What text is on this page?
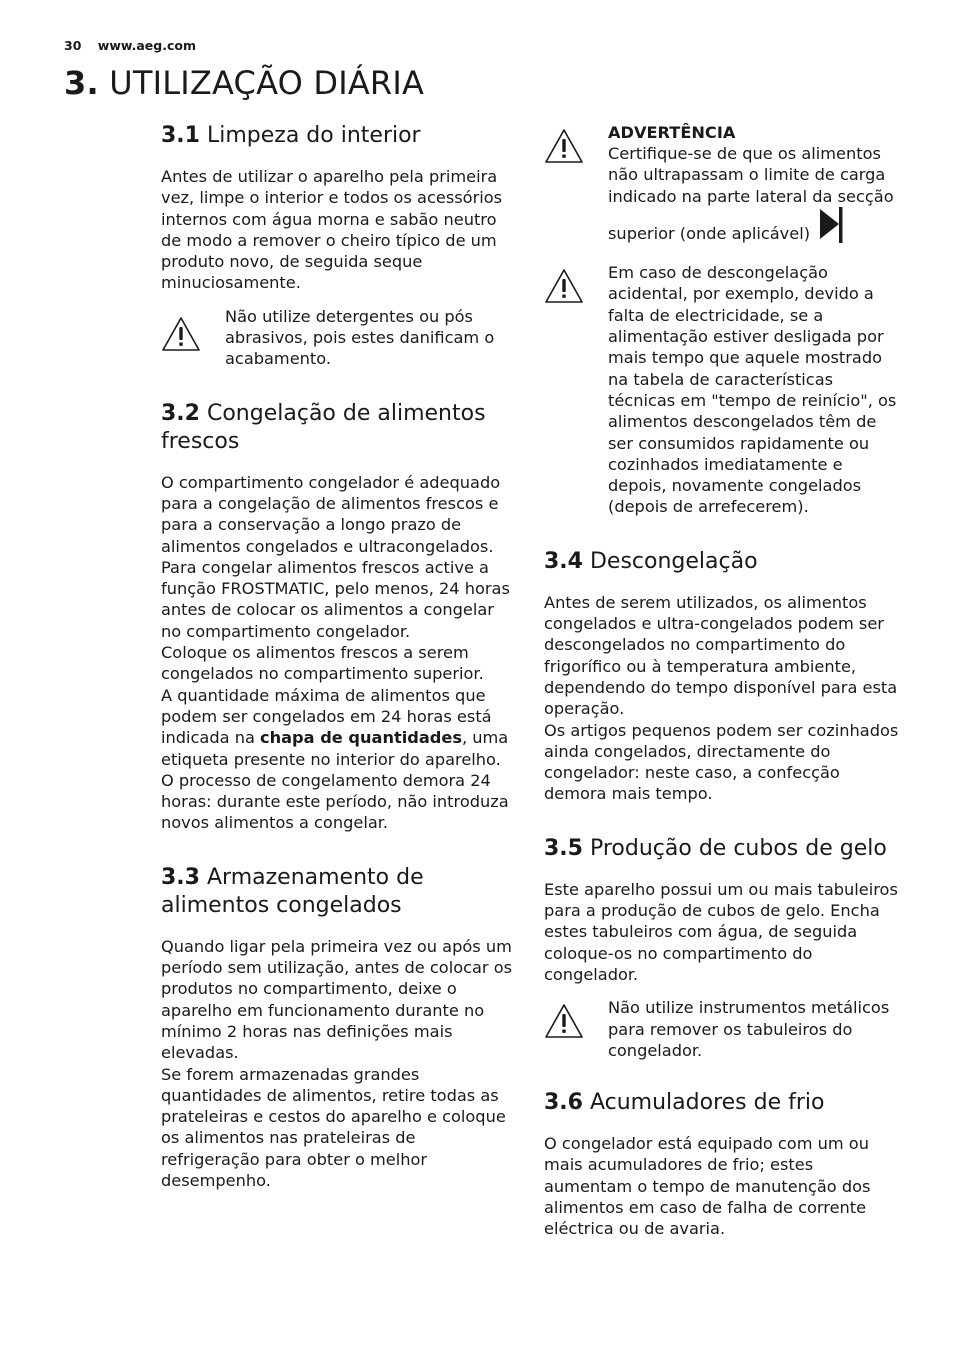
30 www.aeg.com
3. UTILIZAÇÃO DIÁRIA
3.1 Limpeza do interior

Antes de utilizar o aparelho pela primeira vez, limpe o interior e todos os acessórios internos com água morna e sabão neutro de modo a remover o cheiro típico de um produto novo, de seguida seque minuciosamente.

Não utilize detergentes ou pós abrasivos, pois estes danificam o acabamento.
3.2 Congelação de alimentos frescos
O compartimento congelador é adequado para a congelação de alimentos frescos e para a conservação a longo prazo de alimentos congelados e ultracongelados.
Para congelar alimentos frescos active a função FROSTMATIC, pelo menos, 24 horas antes de colocar os alimentos a congelar no compartimento congelador.
Coloque os alimentos frescos a serem congelados no compartimento superior.
A quantidade máxima de alimentos que podem ser congelados em 24 horas está indicada na chapa de quantidades, uma etiqueta presente no interior do aparelho.
O processo de congelamento demora 24 horas: durante este período, não introduza novos alimentos a congelar.
3.3 Armazenamento de alimentos congelados
Quando ligar pela primeira vez ou após um período sem utilização, antes de colocar os produtos no compartimento, deixe o aparelho em funcionamento durante no mínimo 2 horas nas definições mais elevadas.
Se forem armazenadas grandes quantidades de alimentos, retire todas as prateleiras e cestos do aparelho e coloque os alimentos nas prateleiras de refrigeração para obter o melhor desempenho.
ADVERTÊNCIA
Certifique-se de que os alimentos não ultrapassam o limite de carga indicado na parte lateral da secção superior (onde aplicável)
Em caso de descongelação acidental, por exemplo, devido a falta de electricidade, se a alimentação estiver desligada por mais tempo que aquele mostrado na tabela de características técnicas em "tempo de reinício", os alimentos descongelados têm de ser consumidos rapidamente ou cozinhados imediatamente e depois, novamente congelados (depois de arrefecerem).
3.4 Descongelação
Antes de serem utilizados, os alimentos congelados e ultra-congelados podem ser descongelados no compartimento do frigorífico ou à temperatura ambiente, dependendo do tempo disponível para esta operação.
Os artigos pequenos podem ser cozinhados ainda congelados, directamente do congelador: neste caso, a confecção demora mais tempo.
3.5 Produção de cubos de gelo

Este aparelho possui um ou mais tabuleiros para a produção de cubos de gelo. Encha estes tabuleiros com água, de seguida coloque-os no compartimento do congelador.

Não utilize instrumentos metálicos para remover os tabuleiros do congelador.
3.6 Acumuladores de frio

O congelador está equipado com um ou mais acumuladores de frio; estes aumentam o tempo de manutenção dos alimentos em caso de falha de corrente eléctrica ou de avaria.
